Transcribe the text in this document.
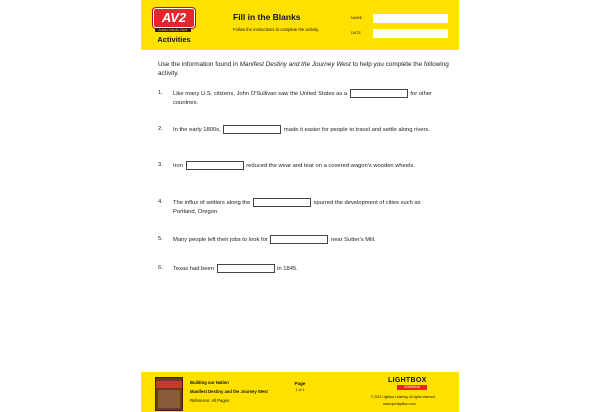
AV2
AUDIO VISUAL TEXT
Activities
Fill in the Blanks
Follow the instructions to complete the activity.
NAME
DATE

Use the information found in Manifest Destiny and the Journey West to help you complete the following activity.

1. Like many U.S. citizens, John O'Sullivan saw the United States as a	for other countries.
2. In the early 1800s,	made it easier for people to travel and settle along rivers.
3. Iron	reduced the wear and tear on a covered wagon's wooden wheels.
4. The influx of settlers along the	spurred the development of cities such as Portland, Oregon.
5. Many people left their jobs to look for	near Sutter's Mill.
6. Texas had been	in 1845.
Building our Nation
Manifest Destiny and the Journey West
Reference: All Pages
Page
1 of 1
LIGHTBOX
LEARNING
© 2022 Lightbox Learning. All rights reserved.
www.openlightbox.com
